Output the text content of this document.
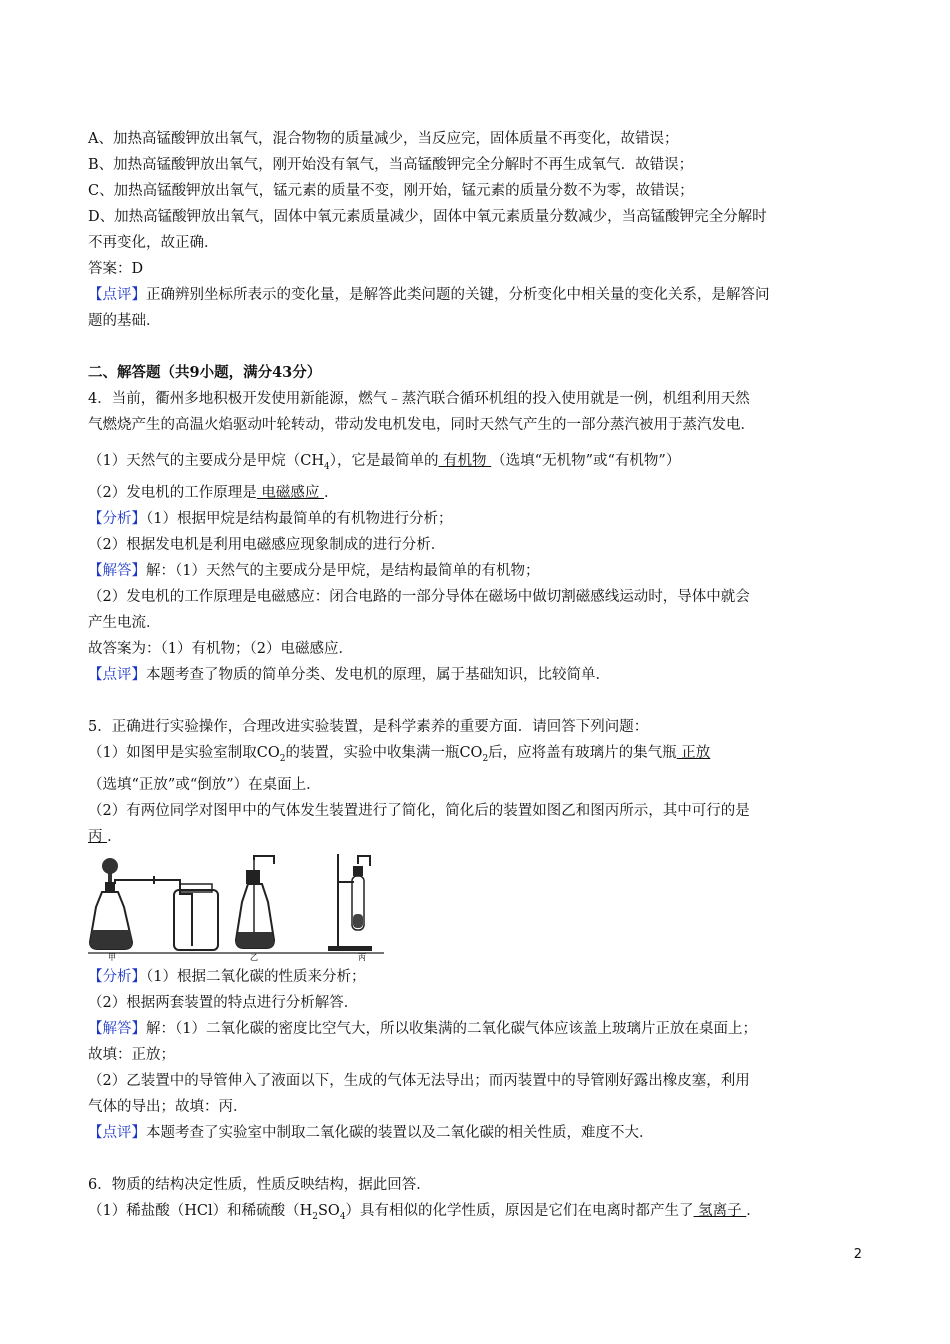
A、加热高锰酸钾放出氧气，混合物物的质量减少，当反应完，固体质量不再变化，故错误；
B、加热高锰酸钾放出氧气，刚开始没有氧气，当高锰酸钾完全分解时不再生成氧气．故错误；
C、加热高锰酸钾放出氧气，锰元素的质量不变，刚开始，锰元素的质量分数不为零，故错误；
D、加热高锰酸钾放出氧气，固体中氧元素质量减少，固体中氧元素质量分数减少，当高锰酸钾完全分解时
不再变化，故正确．
答案：D
【点评】正确辨别坐标所表示的变化量，是解答此类问题的关键，分析变化中相关量的变化关系，是解答问
题的基础．
二、解答题（共9小题，满分43分）
4．当前，衢州多地积极开发使用新能源，燃气﹣蒸汽联合循环机组的投入使用就是一例，机组利用天然
气燃烧产生的高温火焰驱动叶轮转动，带动发电机发电，同时天然气产生的一部分蒸汽被用于蒸汽发电．
（1）天然气的主要成分是甲烷$(CH_4)$，它是最简单的 有机物 （选填“无机物”或“有机物”）
（2）发电机的工作原理是 电磁感应 ．
【分析】（1）根据甲烷是结构最简单的有机物进行分析；
（2）根据发电机是利用电磁感应现象制成的进行分析．
【解答】解：（1）天然气的主要成分是甲烷，是结构最简单的有机物；
（2）发电机的工作原理是电磁感应：闭合电路的一部分导体在磁场中做切割磁感线运动时，导体中就会
产生电流．
故答案为：（1）有机物；（2）电磁感应．
【点评】本题考查了物质的简单分类、发电机的原理，属于基础知识，比较简单．
5．正确进行实验操作，合理改进实验装置，是科学素养的重要方面．请回答下列问题：
（1）如图甲是实验室制取$CO_2$的装置，实验中收集满一瓶$CO_2$后，应将盖有玻璃片的集气瓶 正放
（选填“正放”或“倒放”）在桌面上．
（2）有两位同学对图甲中的气体发生装置进行了简化，简化后的装置如图乙和图丙所示，其中可行的是
丙 ．
甲	乙	丙
【分析】（1）根据二氧化碳的性质来分析；
（2）根据两套装置的特点进行分析解答．
【解答】解：（1）二氧化碳的密度比空气大，所以收集满的二氧化碳气体应该盖上玻璃片正放在桌面上；
故填：正放；
（2）乙装置中的导管伸入了液面以下，生成的气体无法导出；而丙装置中的导管刚好露出橡皮塞，利用
气体的导出；故填：丙．
【点评】本题考查了实验室中制取二氧化碳的装置以及二氧化碳的相关性质，难度不大．
6．物质的结构决定性质，性质反映结构，据此回答．
（1）稀盐酸（HCl）和稀硫酸$(H_2SO_4)$具有相似的化学性质，原因是它们在电离时都产生了 氢离子 ．
2
